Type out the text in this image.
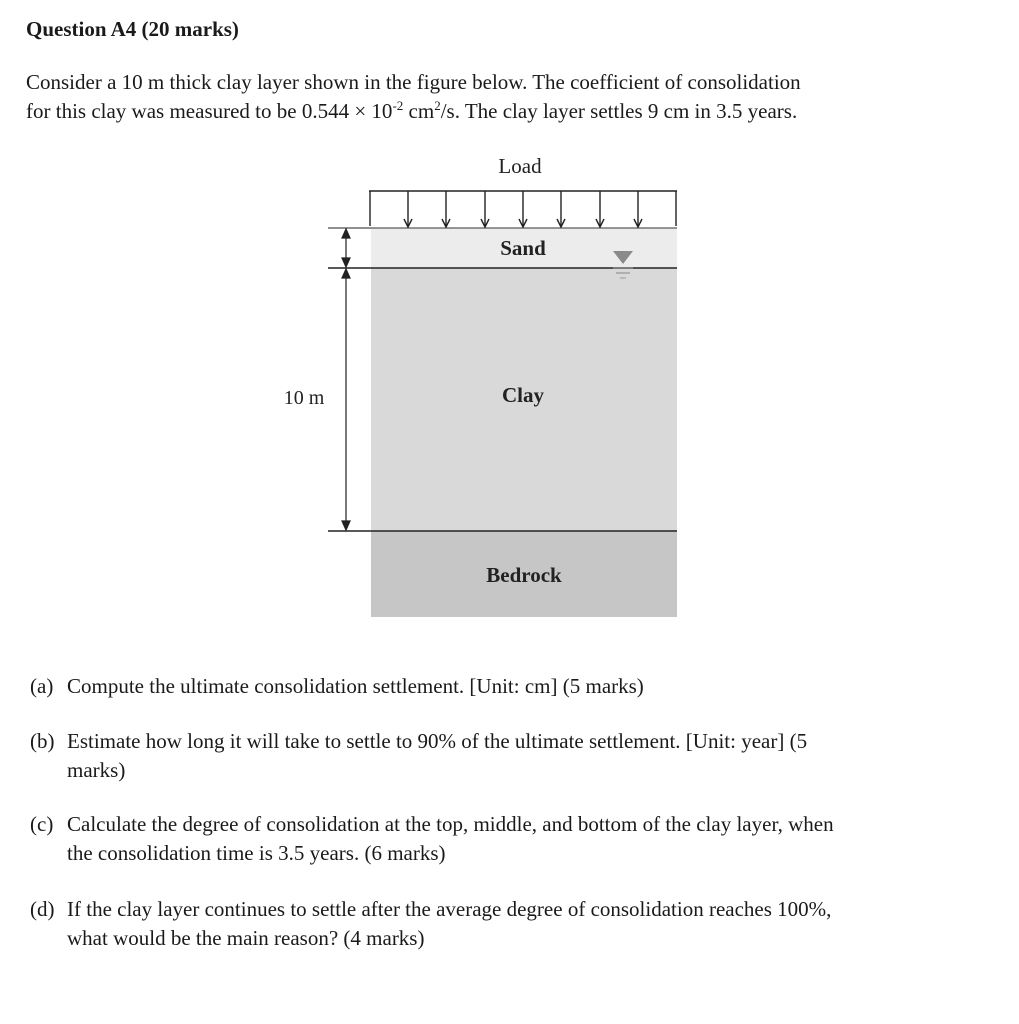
Question A4 (20 marks)

Consider a 10 m thick clay layer shown in the figure below. The coefficient of consolidation

for this clay was measured to be $0.544 \times 10^{-2}$ $cm^2/s$. The clay layer settles 9 cm in 3.5 years.

Load
Sand
Clay
Bedrock
10 m
(a) Compute the ultimate consolidation settlement. [Unit: cm] (5 marks)
(b) Estimate how long it will take to settle to 90% of the ultimate settlement. [Unit: year] (5
marks)
(c) Calculate the degree of consolidation at the top, middle, and bottom of the clay layer, when
the consolidation time is 3.5 years. (6 marks)
(d) If the clay layer continues to settle after the average degree of consolidation reaches 100%,
what would be the main reason? (4 marks)
